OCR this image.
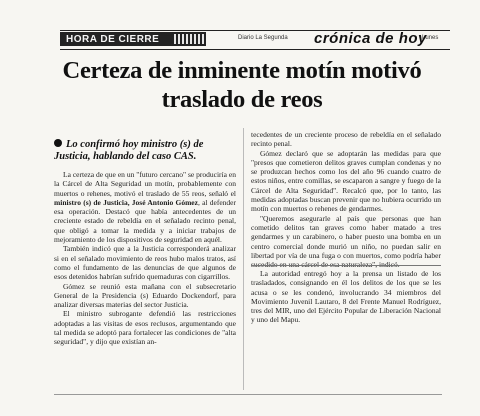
HORA DE CIERRE	Diario La Segunda crónica de hoy
Lunes
Certeza de inminente motín motivó traslado de reos
Lo confirmó hoy ministro (s) de Justicia, hablando del caso CAS.

La certeza de que en un "futuro cercano" se produciría en la Cárcel de Alta Seguridad un motín, probablemente con muertos o rehenes, motivó el traslado de 55 reos, señaló el ministro (s) de Justicia, José Antonio Gómez, al defender esa operación. Destacó que había antecedentes de un creciente estado de rebeldía en el señalado recinto penal, que obligó a tomar la medida y a iniciar trabajos de mejoramiento de los dispositivos de seguridad en aquél.

También indicó que a la Justicia corresponderá analizar si en el señalado movimiento de reos hubo malos tratos, así como el fundamento de las denuncias de que algunos de esos detenidos habrían sufrido quemaduras con cigarrillos.

Gómez se reunió esta mañana con el subsecretario General de la Presidencia (s) Eduardo Dockendorf, para analizar diversas materias del sector Justicia.

El ministro subrogante defendió las restricciones adoptadas a las visitas de esos reclusos, argumentando que tal medida se adoptó para fortalecer las condiciones de "alta seguridad", y dijo que existían an-

tecedentes de un creciente proceso de rebeldía en el señalado recinto penal.

Gómez declaró que se adoptarán las medidas para que "presos que cometieron delitos graves cumplan condenas y no se produzcan hechos como los del año 96 cuando cuatro de estos niños, entre comillas, se escaparon a sangre y fuego de la Cárcel de Alta Seguridad". Recalcó que, por lo tanto, las medidas adoptadas buscan prevenir que no hubiera ocurrido un motín con muertos o rehenes de gendarmes.

"Queremos asegurarle al país que personas que han cometido delitos tan graves como haber matado a tres gendarmes y un carabinero, o haber puesto una bomba en un centro comercial donde murió un niño, no puedan salir en libertad por vía de una fuga o con muertos, como podría haber sucedido en una cárcel de esa naturaleza", indicó.

La autoridad entregó hoy a la prensa un listado de los trasladados, consignando en él los delitos de los que se les acusa o se les condenó, involucrando 34 miembros del Movimiento Juvenil Lautaro, 8 del Frente Manuel Rodríguez, tres del MIR, uno del Ejército Popular de Liberación Nacional y uno del Mapu.
